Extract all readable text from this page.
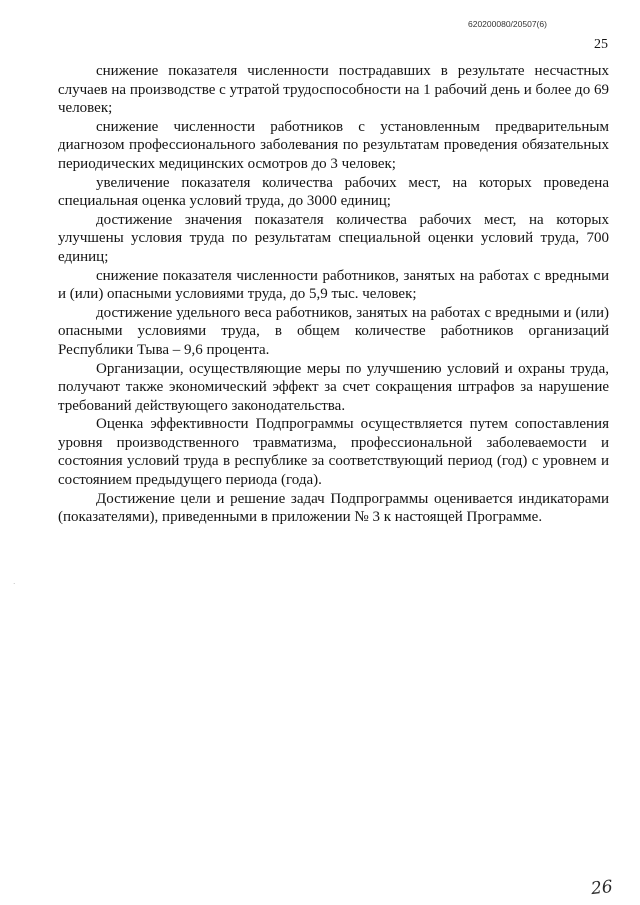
620200080/20507(6)
25

снижение показателя численности пострадавших в результате несчастных случаев на производстве с утратой трудоспособности на 1 рабочий день и более до 69 человек;

снижение численности работников с установленным предварительным диагнозом профессионального заболевания по результатам проведения обязательных периодических медицинских осмотров до 3 человек;

увеличение показателя количества рабочих мест, на которых проведена специальная оценка условий труда, до 3000 единиц;

достижение значения показателя количества рабочих мест, на которых улучшены условия труда по результатам специальной оценки условий труда, 700 единиц;

снижение показателя численности работников, занятых на работах с вредными и (или) опасными условиями труда, до 5,9 тыс. человек;

достижение удельного веса работников, занятых на работах с вредными и (или) опасными условиями труда, в общем количестве работников организаций Республики Тыва – 9,6 процента.

Организации, осуществляющие меры по улучшению условий и охраны труда, получают также экономический эффект за счет сокращения штрафов за нарушение требований действующего законодательства.

Оценка эффективности Подпрограммы осуществляется путем сопоставления уровня производственного травматизма, профессиональной заболеваемости и состояния условий труда в республике за соответствующий период (год) с уровнем и состоянием предыдущего периода (года).

Достижение цели и решение задач Подпрограммы оценивается индикаторами (показателями), приведенными в приложении № 3 к настоящей Программе.

·
26
